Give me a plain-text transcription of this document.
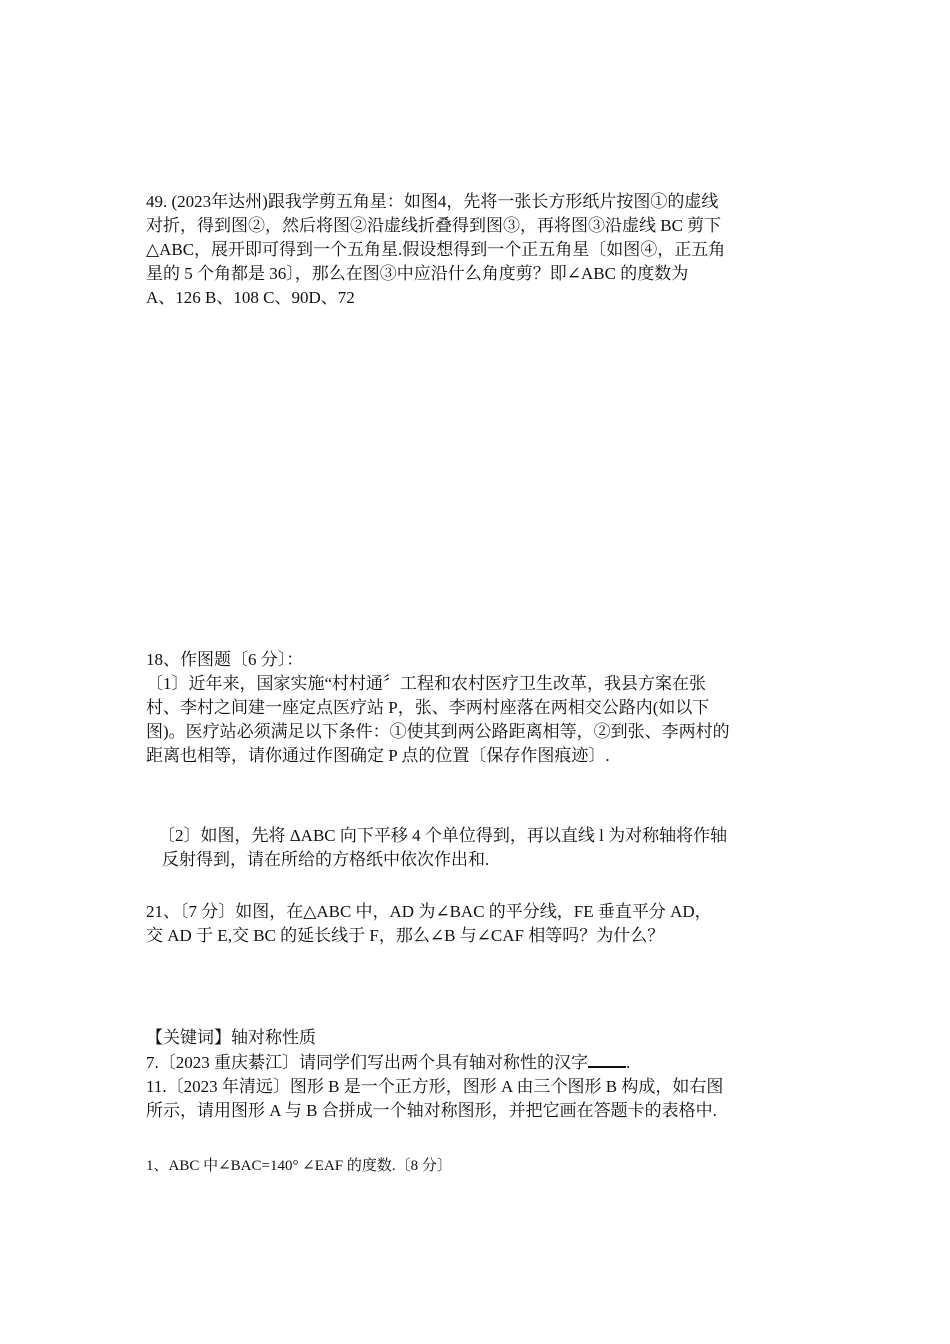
49. (2023年达州)跟我学剪五角星：如图4，先将一张长方形纸片按图①的虚线
对折，得到图②，然后将图②沿虚线折叠得到图③，再将图③沿虚线 BC 剪下
△ABC，展开即可得到一个五角星.假设想得到一个正五角星〔如图④，正五角
星的 5 个角都是 36〕，那么在图③中应沿什么角度剪？即∠ABC 的度数为
A、126 B、108 C、90D、72
18、作图题〔6 分〕：
〔1〕近年来，国家实施“村村通〞工程和农村医疗卫生改革，我县方案在张
村、李村之间建一座定点医疗站 P，张、李两村座落在两相交公路内(如以下
图)。医疗站必须满足以下条件：①使其到两公路距离相等，②到张、李两村的
距离也相等，请你通过作图确定 P 点的位置〔保存作图痕迹〕.
〔2〕如图，先将 ΔABC 向下平移 4 个单位得到，再以直线 l 为对称轴将作轴
反射得到，请在所给的方格纸中依次作出和.
21、〔7 分〕如图，在△ABC 中，AD 为∠BAC 的平分线，FE 垂直平分 AD，
交 AD 于 E,交 BC 的延长线于 F，那么∠B 与∠CAF 相等吗？为什么？
【关键词】轴对称性质
7.〔2023 重庆綦江〕请同学们写出两个具有轴对称性的汉字 .
11.〔2023 年清远〕图形 B 是一个正方形，图形 A 由三个图形 B 构成，如右图
所示，请用图形 A 与 B 合拼成一个轴对称图形，并把它画在答题卡的表格中.
1、ABC 中∠BAC=140° ∠EAF 的度数.〔8 分〕
